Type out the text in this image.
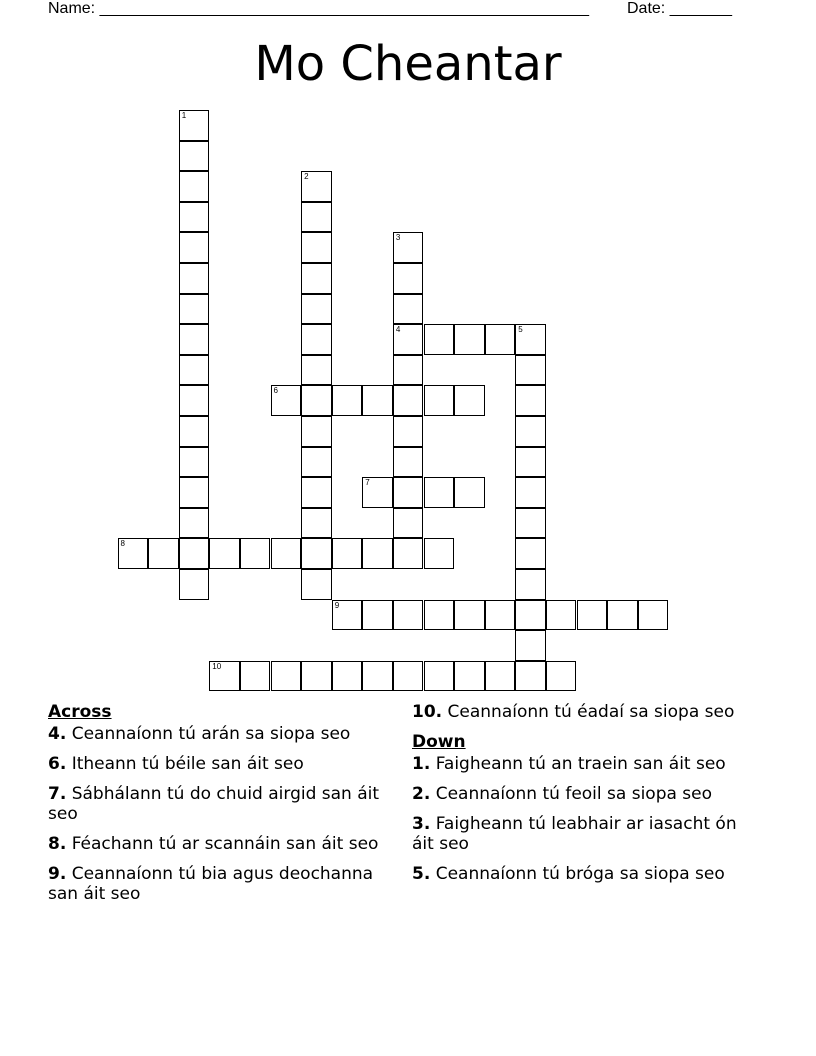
Name: _______________________________________________________ Date: _______
Mo Cheantar
1
2
3
4	5
6
7
8
9
10
Across
4. Ceannaíonn tú arán sa siopa seo
6. Itheann tú béile san áit seo
7. Sábhálann tú do chuid airgid san áit seo
8. Féachann tú ar scannáin san áit seo
9. Ceannaíonn tú bia agus deochanna san áit seo
10. Ceannaíonn tú éadaí sa siopa seo
Down
1. Faigheann tú an traein san áit seo
2. Ceannaíonn tú feoil sa siopa seo
3. Faigheann tú leabhair ar iasacht ón áit seo
5. Ceannaíonn tú bróga sa siopa seo
